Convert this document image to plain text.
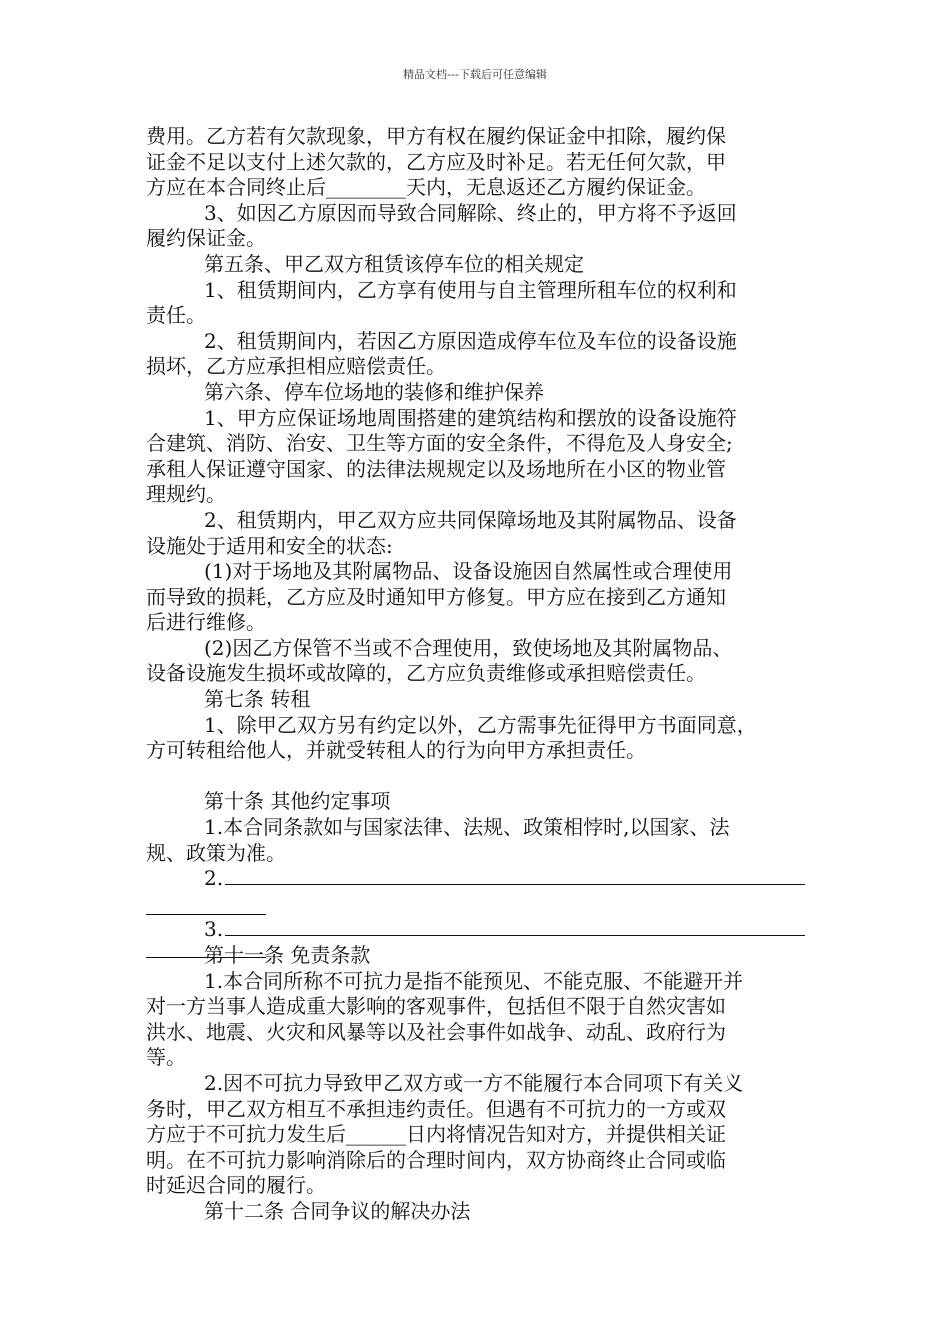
精品文档---下载后可任意编辑
费用。乙方若有欠款现象，甲方有权在履约保证金中扣除，履约保
证金不足以支付上述欠款的，乙方应及时补足。若无任何欠款，甲
方应在本合同终止后________天内，无息返还乙方履约保证金。
3、如因乙方原因而导致合同解除、终止的，甲方将不予返回
履约保证金。
第五条、甲乙双方租赁该停车位的相关规定
1、租赁期间内，乙方享有使用与自主管理所租车位的权利和
责任。
2、租赁期间内，若因乙方原因造成停车位及车位的设备设施
损坏，乙方应承担相应赔偿责任。
第六条、停车位场地的装修和维护保养
1、甲方应保证场地周围搭建的建筑结构和摆放的设备设施符
合建筑、消防、治安、卫生等方面的安全条件，不得危及人身安全;
承租人保证遵守国家、的法律法规规定以及场地所在小区的物业管
理规约。
2、租赁期内，甲乙双方应共同保障场地及其附属物品、设备
设施处于适用和安全的状态:
(1)对于场地及其附属物品、设备设施因自然属性或合理使用
而导致的损耗，乙方应及时通知甲方修复。甲方应在接到乙方通知
后进行维修。
(2)因乙方保管不当或不合理使用，致使场地及其附属物品、
设备设施发生损坏或故障的，乙方应负责维修或承担赔偿责任。
第七条 转租
1、除甲乙双方另有约定以外，乙方需事先征得甲方书面同意，
方可转租给他人，并就受转租人的行为向甲方承担责任。
第十条 其他约定事项
1.本合同条款如与国家法律、法规、政策相悖时,以国家、法
规、政策为准。
2.
3.
第十一条 免责条款
1.本合同所称不可抗力是指不能预见、不能克服、不能避开并
对一方当事人造成重大影响的客观事件，包括但不限于自然灾害如
洪水、地震、火灾和风暴等以及社会事件如战争、动乱、政府行为
等。
2.因不可抗力导致甲乙双方或一方不能履行本合同项下有关义
务时，甲乙双方相互不承担违约责任。但遇有不可抗力的一方或双
方应于不可抗力发生后______日内将情况告知对方，并提供相关证
明。在不可抗力影响消除后的合理时间内，双方协商终止合同或临
时延迟合同的履行。
第十二条 合同争议的解决办法
